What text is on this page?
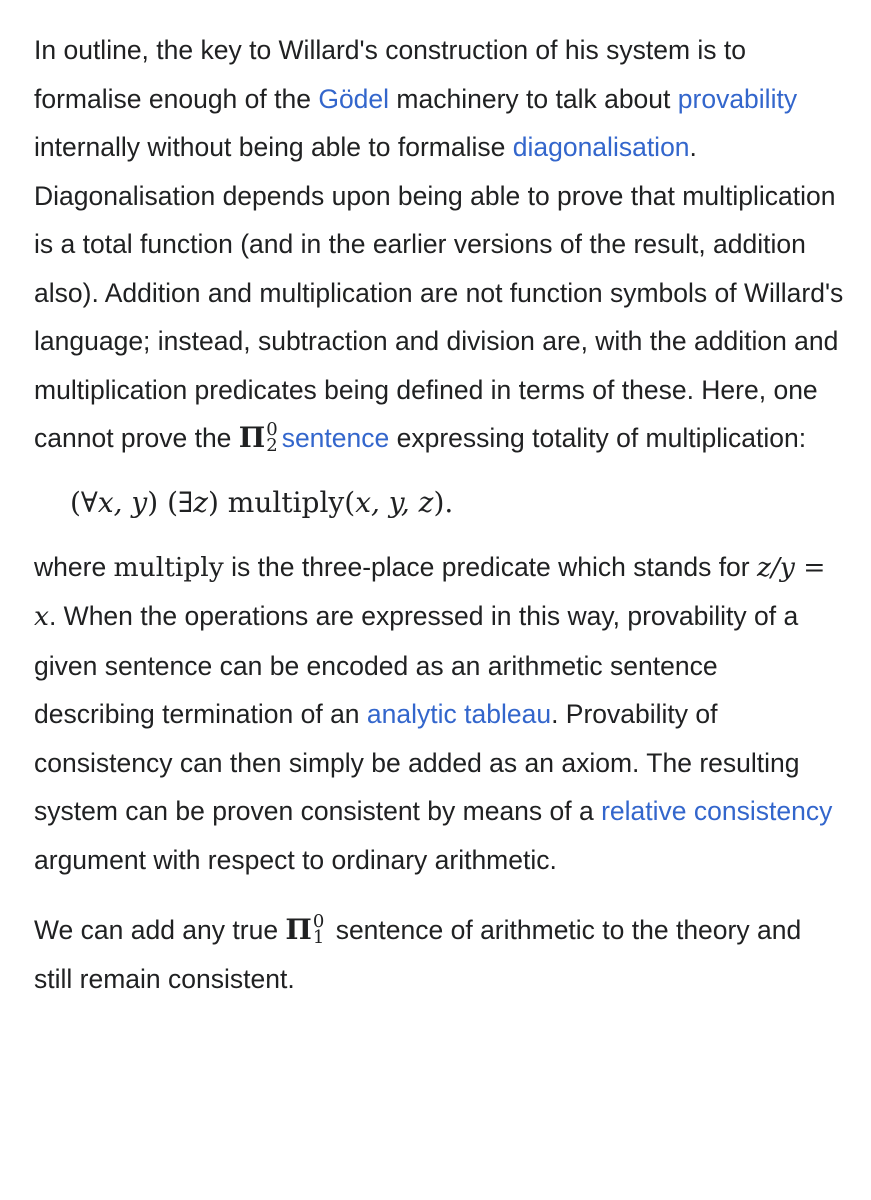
In outline, the key to Willard's construction of his system is to formalise enough of the Gödel machinery to talk about provability internally without being able to formalise diagonalisation. Diagonalisation depends upon being able to prove that multiplication is a total function (and in the earlier versions of the result, addition also). Addition and multiplication are not function symbols of Willard's language; instead, subtraction and division are, with the addition and multiplication predicates being defined in terms of these. Here, one cannot prove the Π 0
2 sentence expressing totality of multiplication:

(∀x, y) (∃z) multiply(x, y, z).

where multiply is the three-place predicate which stands for z/y = x. When the operations are expressed in this way, provability of a given sentence can be encoded as an arithmetic sentence describing termination of an analytic tableau. Provability of consistency can then simply be added as an axiom. The resulting system can be proven consistent by means of a relative consistency argument with respect to ordinary arithmetic.

We can add any true Π 0
1 sentence of arithmetic to the theory and still remain consistent.
